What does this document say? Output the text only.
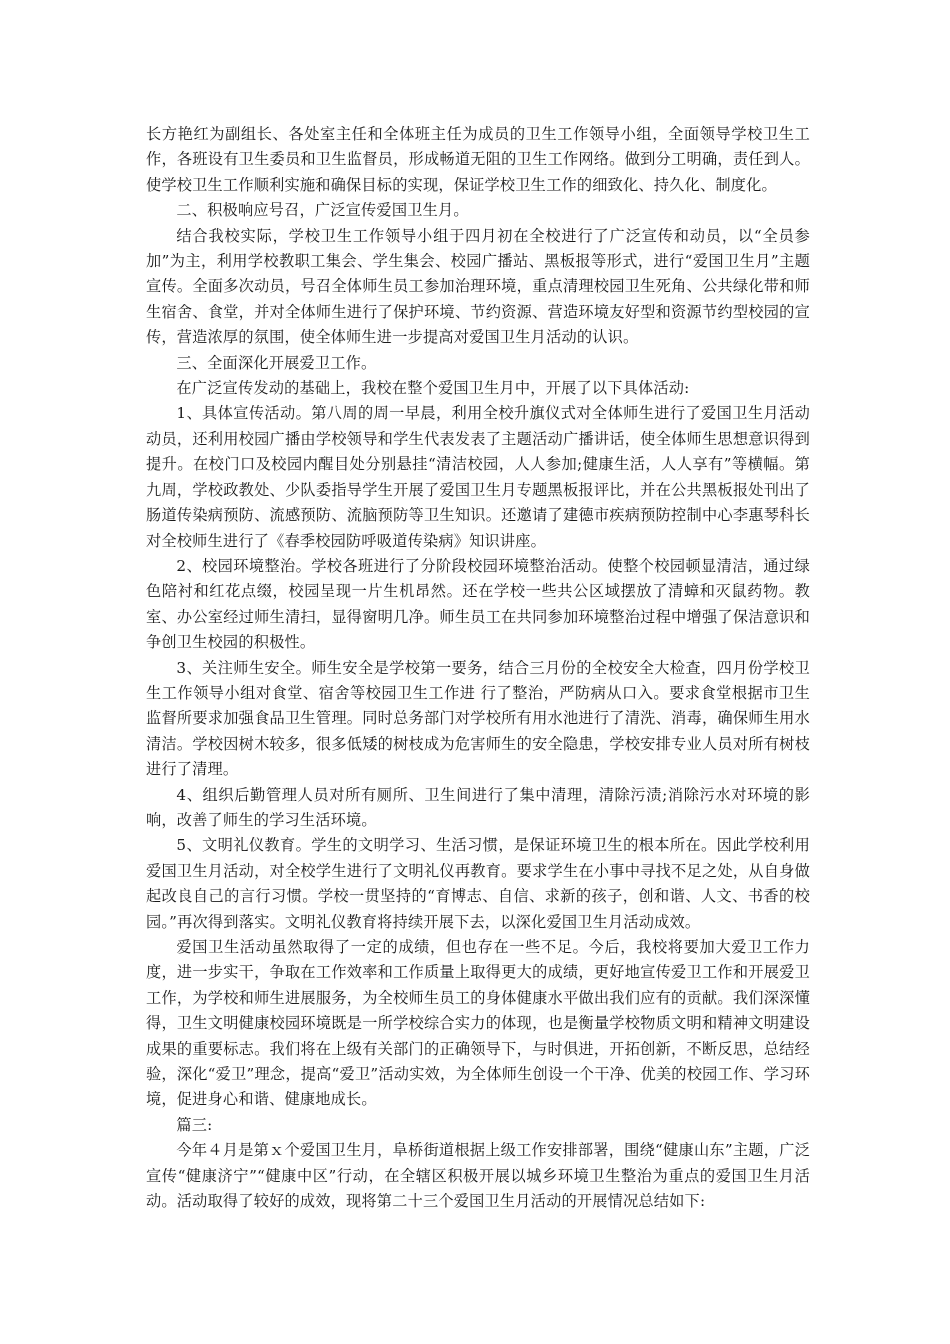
长方艳红为副组长、各处室主任和全体班主任为成员的卫生工作领导小组，全面领导学校卫生工作，各班设有卫生委员和卫生监督员，形成畅道无阻的卫生工作网络。做到分工明确，责任到人。使学校卫生工作顺利实施和确保目标的实现，保证学校卫生工作的细致化、持久化、制度化。

二、积极响应号召，广泛宣传爱国卫生月。

结合我校实际，学校卫生工作领导小组于四月初在全校进行了广泛宣传和动员，以“全员参加”为主，利用学校教职工集会、学生集会、校园广播站、黑板报等形式，进行“爱国卫生月”主题宣传。全面多次动员，号召全体师生员工参加治理环境，重点清理校园卫生死角、公共绿化带和师生宿舍、食堂，并对全体师生进行了保护环境、节约资源、营造环境友好型和资源节约型校园的宣传，营造浓厚的氛围，使全体师生进一步提高对爱国卫生月活动的认识。

三、全面深化开展爱卫工作。

在广泛宣传发动的基础上，我校在整个爱国卫生月中，开展了以下具体活动:

1、具体宣传活动。第八周的周一早晨，利用全校升旗仪式对全体师生进行了爱国卫生月活动动员，还利用校园广播由学校领导和学生代表发表了主题活动广播讲话，使全体师生思想意识得到提升。在校门口及校园内醒目处分别悬挂“清洁校园，人人参加;健康生活，人人享有”等横幅。第九周，学校政教处、少队委指导学生开展了爱国卫生月专题黑板报评比，并在公共黑板报处刊出了肠道传染病预防、流感预防、流脑预防等卫生知识。还邀请了建德市疾病预防控制中心李惠琴科长对全校师生进行了《春季校园防呼吸道传染病》知识讲座。

2、校园环境整治。学校各班进行了分阶段校园环境整治活动。使整个校园顿显清洁，通过绿色陪衬和红花点缀，校园呈现一片生机昂然。还在学校一些共公区域摆放了清蟑和灭鼠药物。教室、办公室经过师生清扫，显得窗明几净。师生员工在共同参加环境整治过程中增强了保洁意识和争创卫生校园的积极性。

3、关注师生安全。师生安全是学校第一要务，结合三月份的全校安全大检查，四月份学校卫生工作领导小组对食堂、宿舍等校园卫生工作进 行了整治，严防病从口入。要求食堂根据市卫生监督所要求加强食品卫生管理。同时总务部门对学校所有用水池进行了清洗、消毒，确保师生用水清洁。学校因树木较多，很多低矮的树枝成为危害师生的安全隐患，学校安排专业人员对所有树枝进行了清理。

4、组织后勤管理人员对所有厕所、卫生间进行了集中清理，清除污渍;消除污水对环境的影响，改善了师生的学习生活环境。

5、文明礼仪教育。学生的文明学习、生活习惯，是保证环境卫生的根本所在。因此学校利用爱国卫生月活动，对全校学生进行了文明礼仪再教育。要求学生在小事中寻找不足之处，从自身做起改良自己的言行习惯。学校一贯坚持的“育博志、自信、求新的孩子，创和谐、人文、书香的校园。”再次得到落实。文明礼仪教育将持续开展下去，以深化爱国卫生月活动成效。

爱国卫生活动虽然取得了一定的成绩，但也存在一些不足。今后，我校将要加大爱卫工作力度，进一步实干，争取在工作效率和工作质量上取得更大的成绩，更好地宣传爱卫工作和开展爱卫工作，为学校和师生进展服务，为全校师生员工的身体健康水平做出我们应有的贡献。我们深深懂得，卫生文明健康校园环境既是一所学校综合实力的体现，也是衡量学校物质文明和精神文明建设成果的重要标志。我们将在上级有关部门的正确领导下，与时俱进，开拓创新，不断反思，总结经验，深化“爱卫”理念，提高“爱卫”活动实效，为全体师生创设一个干净、优美的校园工作、学习环境，促进身心和谐、健康地成长。

篇三:

今年４月是第ｘ个爱国卫生月，阜桥街道根据上级工作安排部署，围绕“健康山东”主题，广泛宣传“健康济宁”“健康中区”行动，在全辖区积极开展以城乡环境卫生整治为重点的爱国卫生月活动。活动取得了较好的成效，现将第二十三个爱国卫生月活动的开展情况总结如下:
